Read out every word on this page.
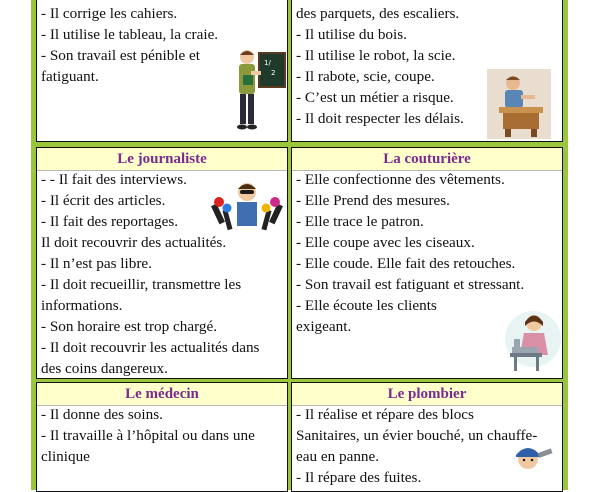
- Il corrige les cahiers.
- Il utilise le tableau, la craie.
- Son travail est pénible et
fatiguant.
1/
2
des parquets, des escaliers.
- Il utilise du bois.
- Il utilise le robot, la scie.
- Il rabote, scie, coupe.
- C’est un métier a risque.
- Il doit respecter les délais.
Le journaliste
- - Il fait des interviews.
- Il écrit des articles.
- Il fait des reportages.
Il doit recouvrir des actualités.
- Il n’est pas libre.
- Il doit recueillir, transmettre les
informations.
- Son horaire est trop chargé.
- Il doit recouvrir les actualités dans
des coins dangereux.
La couturière
- Elle confectionne des vêtements.
- Elle Prend des mesures.
- Elle trace le patron.
- Elle coupe avec les ciseaux.
- Elle coude. Elle fait des retouches.
- Son travail est fatiguant et stressant.
- Elle écoute les clients
exigeant.
Le médecin
- Il donne des soins.
- Il travaille à l’hôpital ou dans une
clinique
Le plombier
- Il réalise et répare des blocs
Sanitaires, un évier bouché, un chauffe-
eau en panne.
- Il répare des fuites.
